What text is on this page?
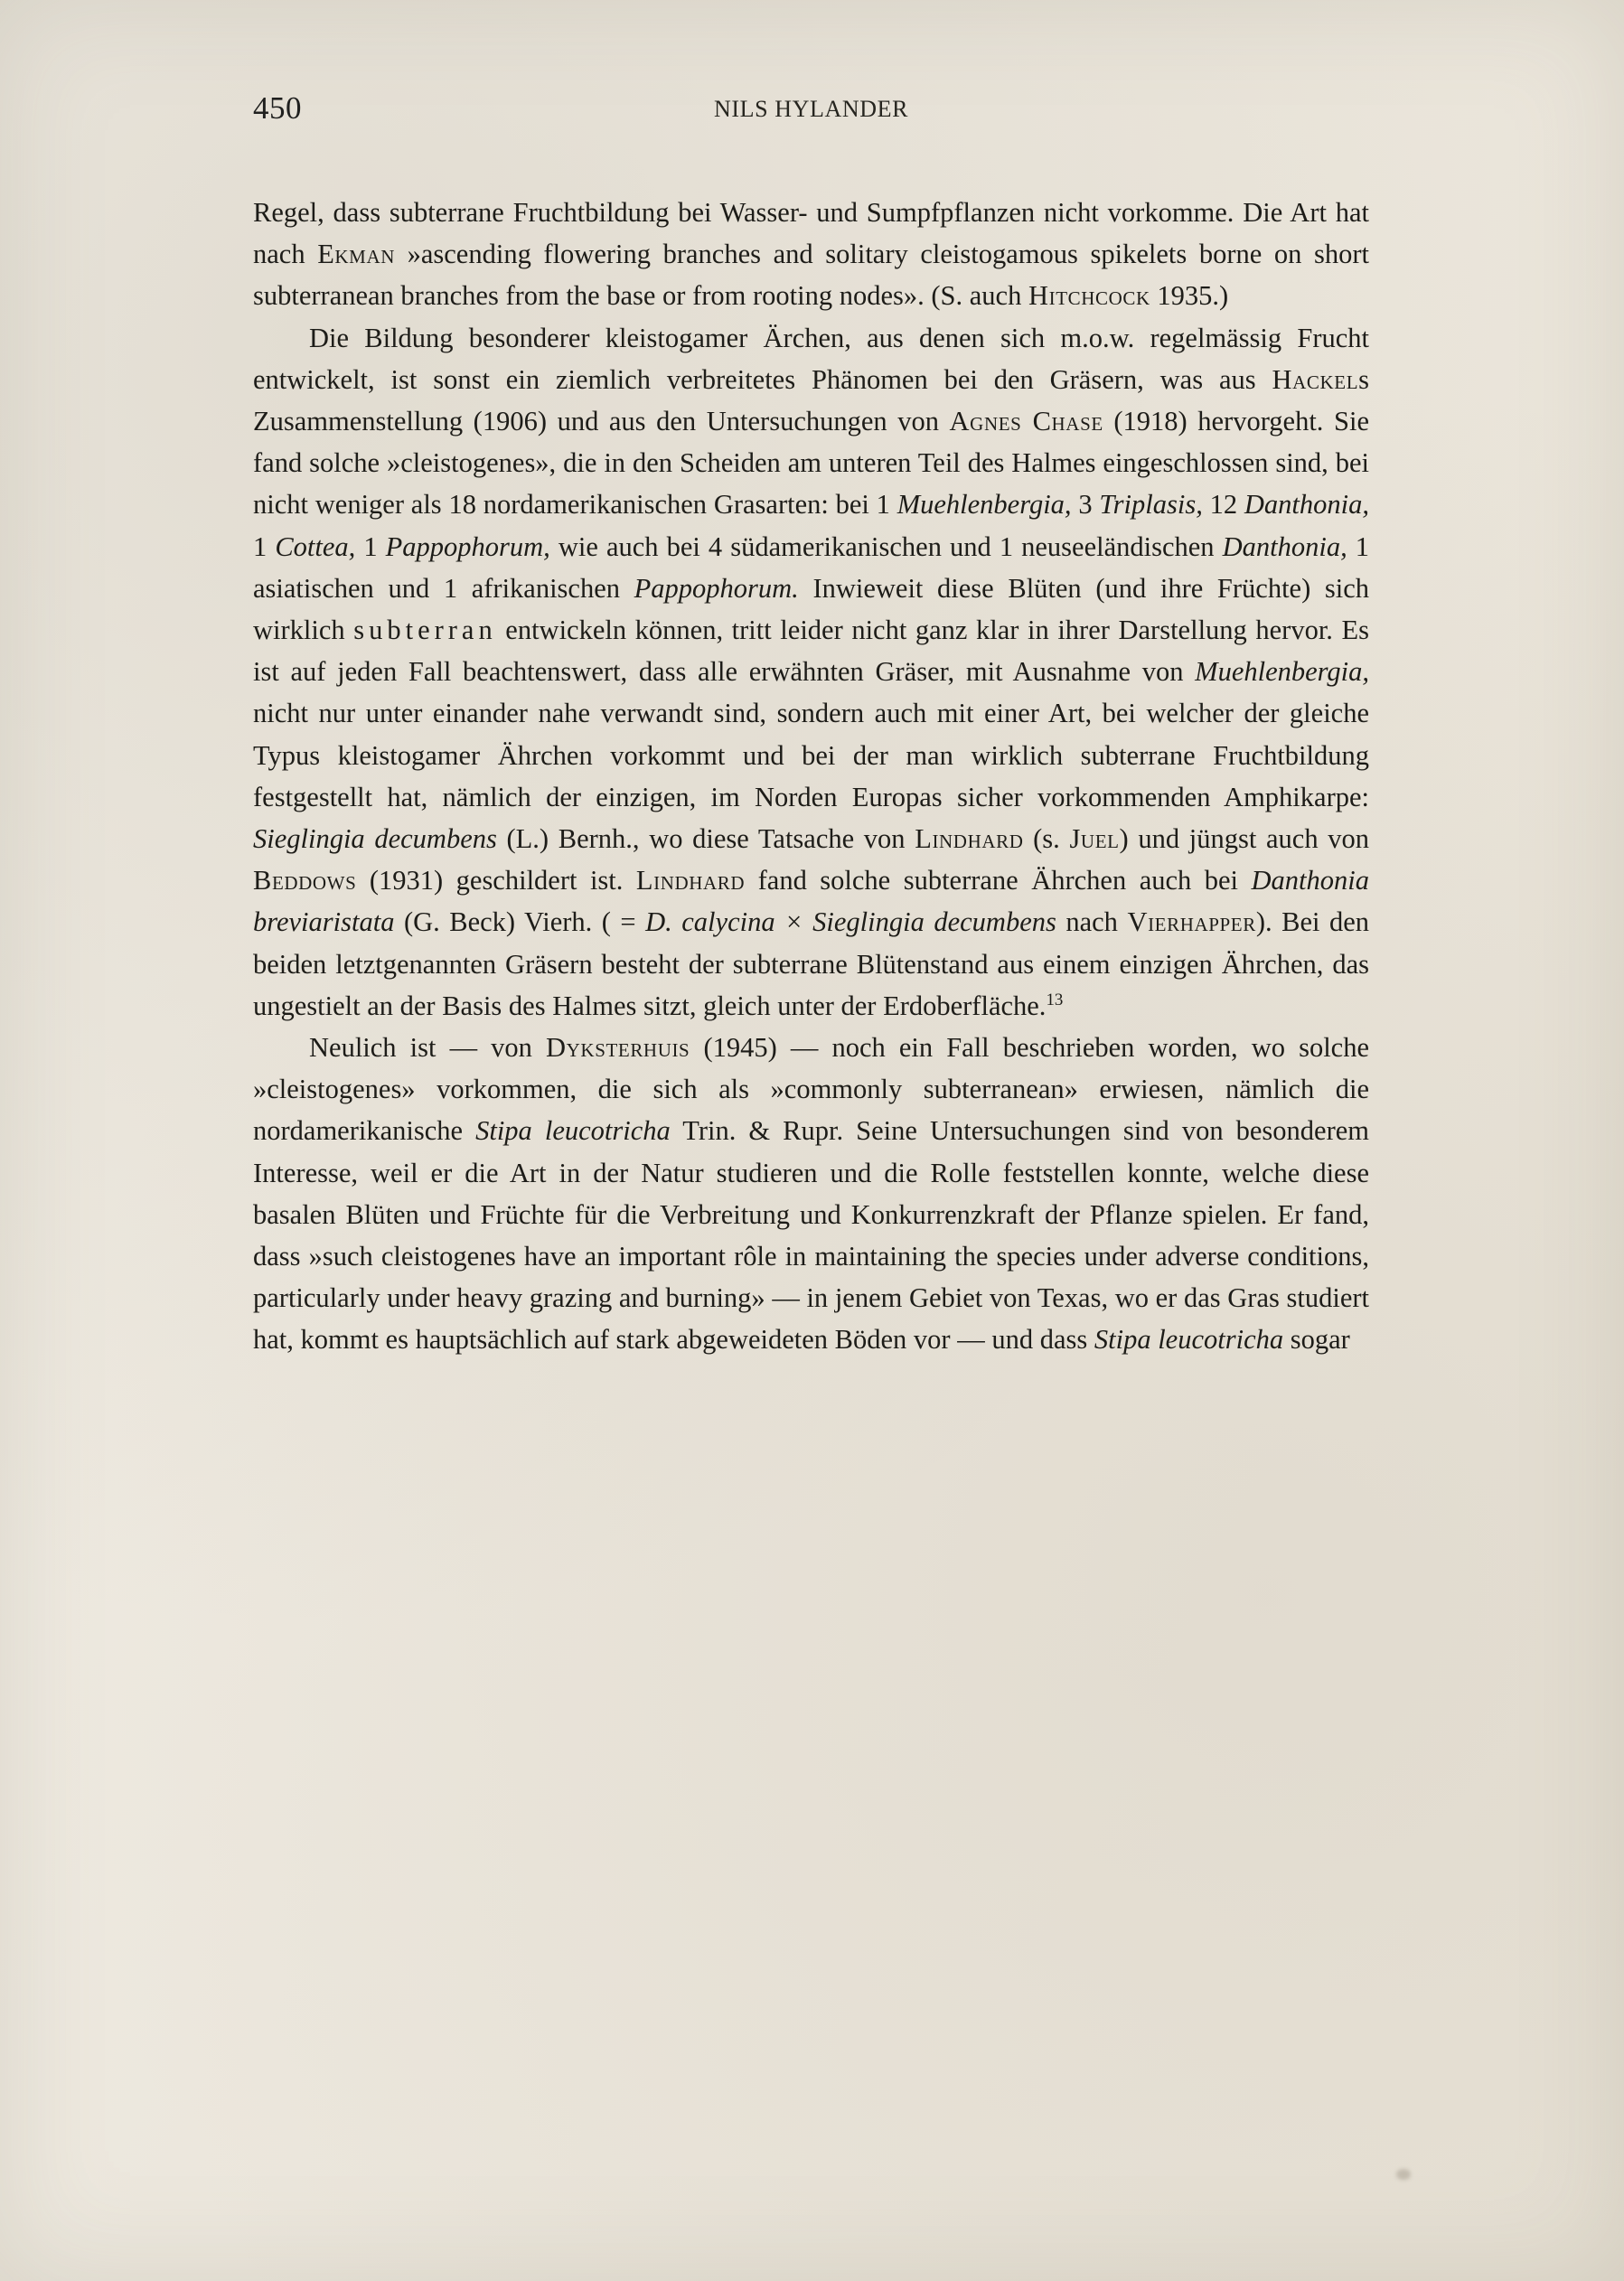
450	NILS HYLANDER

Regel, dass subterrane Fruchtbildung bei Wasser- und Sumpfpflanzen nicht vorkomme. Die Art hat nach Ekman »ascending flowering branches and solitary cleistogamous spikelets borne on short subterranean branches from the base or from rooting nodes». (S. auch Hitchcock 1935.)

Die Bildung besonderer kleistogamer Ärchen, aus denen sich m.o.w. regelmässig Frucht entwickelt, ist sonst ein ziemlich verbreitetes Phänomen bei den Gräsern, was aus Hackels Zusammenstellung (1906) und aus den Untersuchungen von Agnes Chase (1918) hervorgeht. Sie fand solche »cleistogenes», die in den Scheiden am unteren Teil des Halmes eingeschlossen sind, bei nicht weniger als 18 nordamerikanischen Grasarten: bei 1 Muehlenbergia, 3 Triplasis, 12 Danthonia, 1 Cottea, 1 Pappophorum, wie auch bei 4 südamerikanischen und 1 neuseeländischen Danthonia, 1 asiatischen und 1 afrikanischen Pappophorum. Inwieweit diese Blüten (und ihre Früchte) sich wirklich subterran entwickeln können, tritt leider nicht ganz klar in ihrer Darstellung hervor. Es ist auf jeden Fall beachtenswert, dass alle erwähnten Gräser, mit Ausnahme von Muehlenbergia, nicht nur unter einander nahe verwandt sind, sondern auch mit einer Art, bei welcher der gleiche Typus kleistogamer Ährchen vorkommt und bei der man wirklich subterrane Fruchtbildung festgestellt hat, nämlich der einzigen, im Norden Europas sicher vorkommenden Amphikarpe: Sieglingia decumbens (L.) Bernh., wo diese Tatsache von Lindhard (s. Juel) und jüngst auch von Beddows (1931) geschildert ist. Lindhard fand solche subterrane Ährchen auch bei Danthonia breviaristata (G. Beck) Vierh. ( = D. calycina × Sieglingia decumbens nach Vierhapper). Bei den beiden letztgenannten Gräsern besteht der subterrane Blütenstand aus einem einzigen Ährchen, das ungestielt an der Basis des Halmes sitzt, gleich unter der Erdoberfläche.$^{13}$

Neulich ist — von Dyksterhuis (1945) — noch ein Fall beschrieben worden, wo solche »cleistogenes» vorkommen, die sich als »commonly subterranean» erwiesen, nämlich die nordamerikanische Stipa leucotricha Trin. & Rupr. Seine Untersuchungen sind von besonderem Interesse, weil er die Art in der Natur studieren und die Rolle feststellen konnte, welche diese basalen Blüten und Früchte für die Verbreitung und Konkurrenzkraft der Pflanze spielen. Er fand, dass »such cleistogenes have an important rôle in maintaining the species under adverse conditions, particularly under heavy grazing and burning» — in jenem Gebiet von Texas, wo er das Gras studiert hat, kommt es hauptsächlich auf stark abgeweideten Böden vor — und dass Stipa leucotricha sogar
